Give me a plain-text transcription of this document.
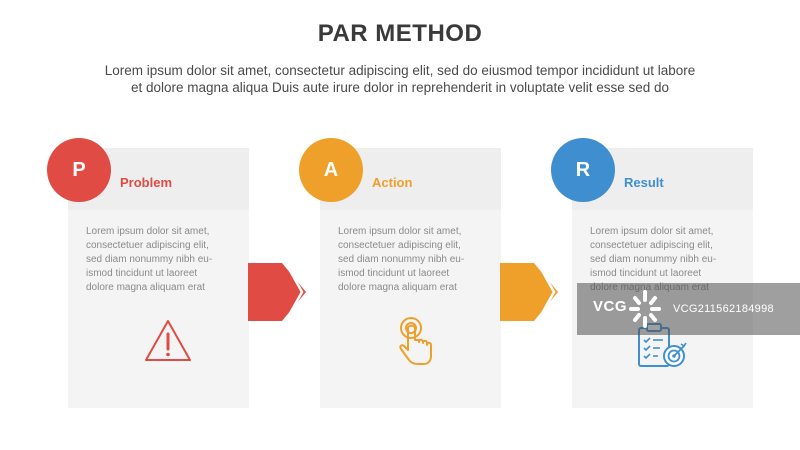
PAR METHOD
Lorem ipsum dolor sit amet, consectetur adipiscing elit, sed do eiusmod tempor incididunt ut labore
et dolore magna aliqua Duis aute irure dolor in reprehenderit in voluptate velit esse sed do
Problem
Lorem ipsum dolor sit amet,
consectetuer adipiscing elit,
sed diam nonummy nibh eu-
ismod tincidunt ut laoreet
dolore magna aliquam erat
P
Action
Lorem ipsum dolor sit amet,
consectetuer adipiscing elit,
sed diam nonummy nibh eu-
ismod tincidunt ut laoreet
dolore magna aliquam erat
A
Result
Lorem ipsum dolor sit amet,
consectetuer adipiscing elit,
sed diam nonummy nibh eu-
ismod tincidunt ut laoreet
R
VCG	VCG211562184998
